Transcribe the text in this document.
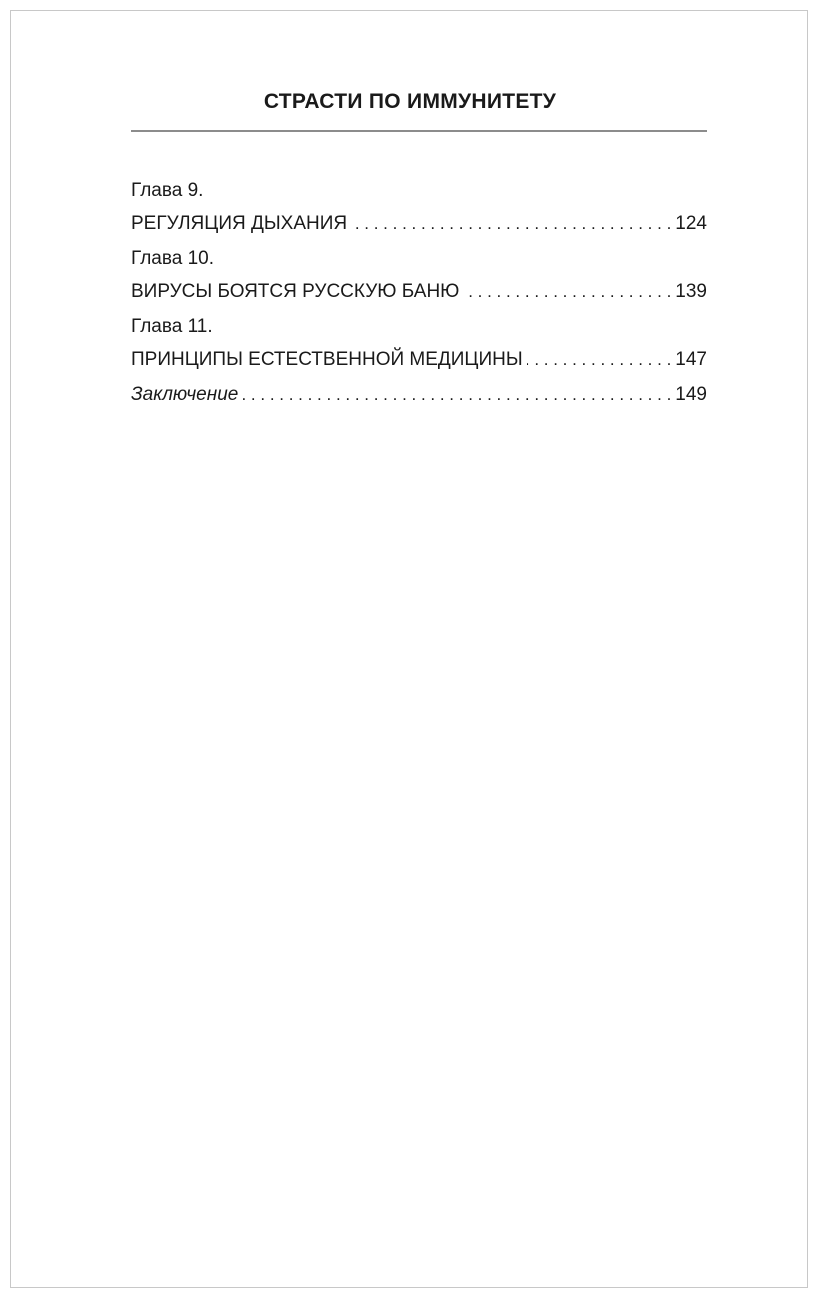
СТРАСТИ ПО ИММУНИТЕТУ
Глава 9.
РЕГУЛЯЦИЯ ДЫХАНИЯ . . .	124
Глава 10.
ВИРУСЫ БОЯТСЯ РУССКУЮ БАНЮ . . .	139
Глава 11.
ПРИНЦИПЫ ЕСТЕСТВЕННОЙ МЕДИЦИНЫ . . .	147
Заключение . . .	149
